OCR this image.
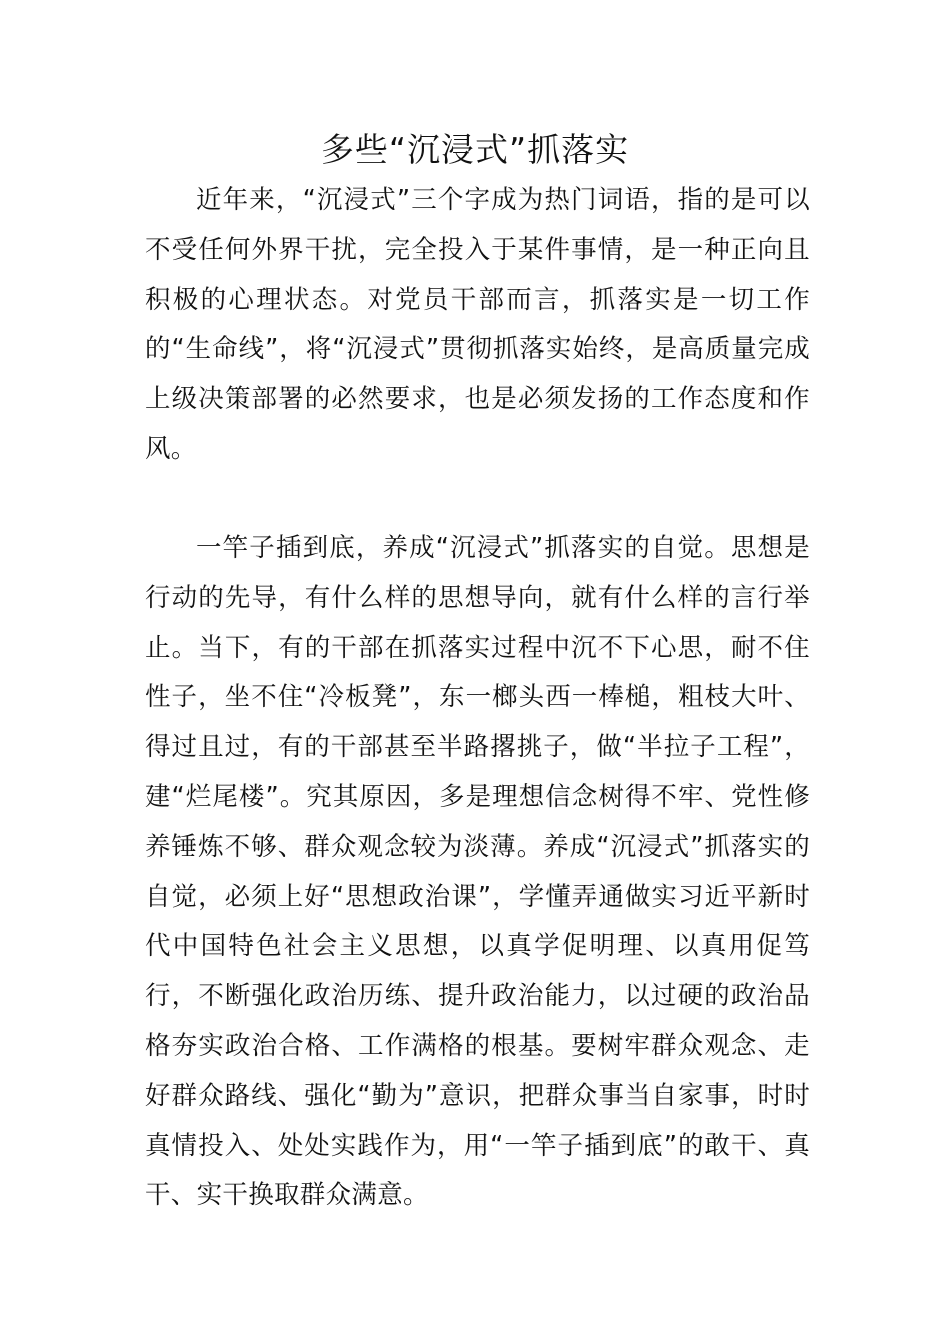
多些“沉浸式”抓落实

近年来，“沉浸式”三个字成为热门词语，指的是可以不受任何外界干扰，完全投入于某件事情，是一种正向且积极的心理状态。对党员干部而言，抓落实是一切工作的“生命线”，将“沉浸式”贯彻抓落实始终，是高质量完成上级决策部署的必然要求，也是必须发扬的工作态度和作风。

一竿子插到底，养成“沉浸式”抓落实的自觉。思想是行动的先导，有什么样的思想导向，就有什么样的言行举止。当下，有的干部在抓落实过程中沉不下心思，耐不住性子，坐不住“冷板凳”，东一榔头西一棒槌，粗枝大叶、得过且过，有的干部甚至半路撂挑子，做“半拉子工程”，建“烂尾楼”。究其原因，多是理想信念树得不牢、党性修养锤炼不够、群众观念较为淡薄。养成“沉浸式”抓落实的自觉，必须上好“思想政治课”，学懂弄通做实习近平新时代中国特色社会主义思想，以真学促明理、以真用促笃行，不断强化政治历练、提升政治能力，以过硬的政治品格夯实政治合格、工作满格的根基。要树牢群众观念、走好群众路线、强化“勤为”意识，把群众事当自家事，时时真情投入、处处实践作为，用“一竿子插到底”的敢干、真干、实干换取群众满意。
